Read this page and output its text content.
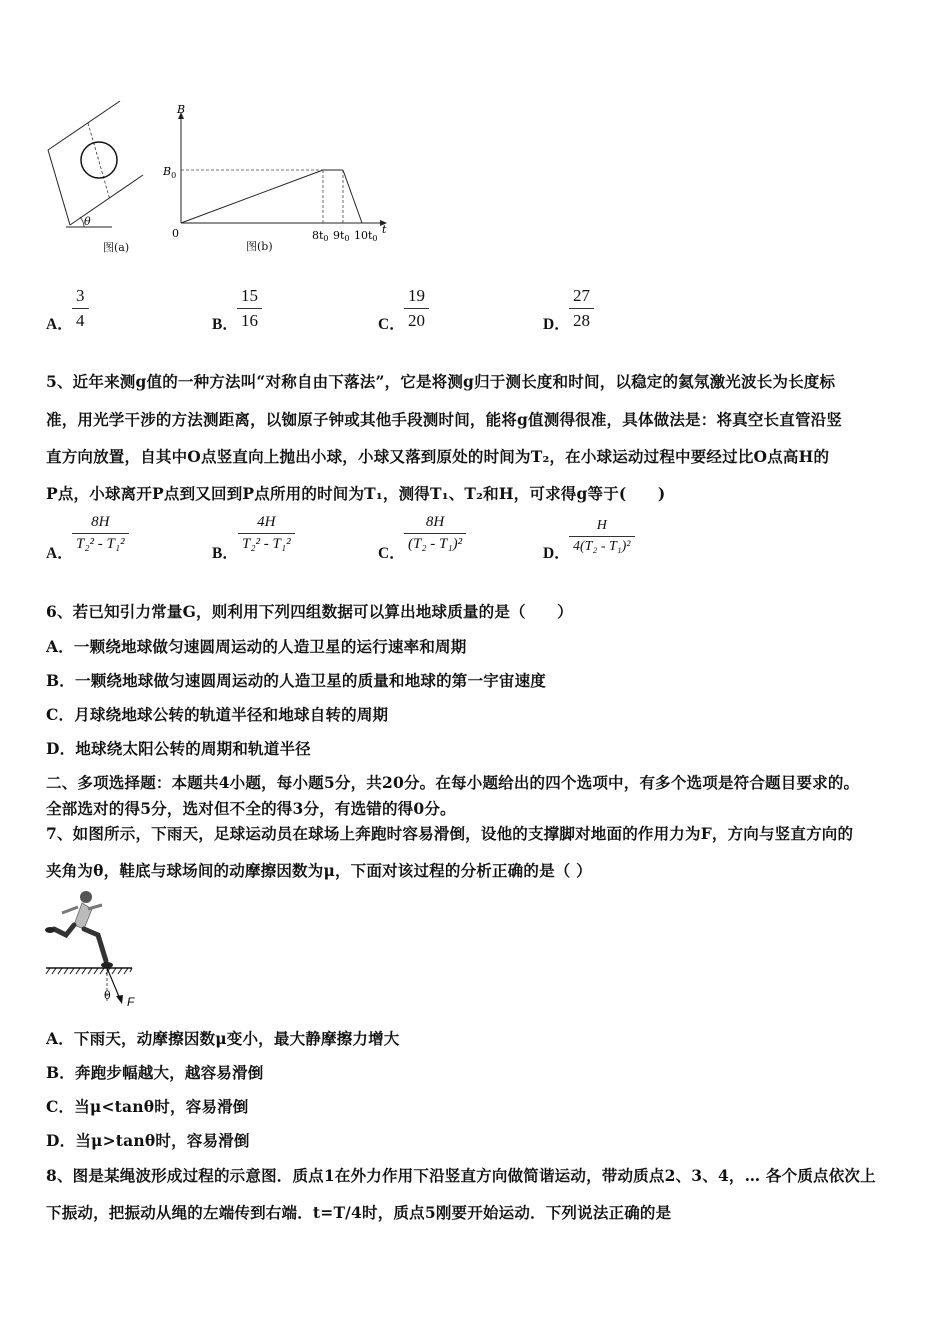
θ
图(a)
B
t
$B_0$
0	8t0 9t0 10t0
图(b)
A． $\frac{3}{4}$	B． $\frac{15}{16}$	C． $\frac{19}{20}$	D． $\frac{27}{28}$
5、近年来测g值的一种方法叫“对称自由下落法”，它是将测g归于测长度和时间，以稳定的氦氖激光波长为长度标
准，用光学干涉的方法测距离，以铷原子钟或其他手段测时间，能将g值测得很准，具体做法是：将真空长直管沿竖
直方向放置，自其中O点竖直向上抛出小球，小球又落到原处的时间为T₂，在小球运动过程中要经过比O点高H的
P点，小球离开P点到又回到P点所用的时间为T₁，测得T₁、T₂和H，可求得g等于(　　)
A．
$\frac{8H}{\text{T₂² - T₁²}}$
B．
$\frac{4H}{\text{T₂² - T₁²}}$
C．
$\frac{8H}{\text{(T₂ - T₁)²}}$
D． $\frac{H}{\text{4(T₂ - T₁)²}}$
6、若已知引力常量G，则利用下列四组数据可以算出地球质量的是（　　）
A．一颗绕地球做匀速圆周运动的人造卫星的运行速率和周期
B．一颗绕地球做匀速圆周运动的人造卫星的质量和地球的第一宇宙速度
C．月球绕地球公转的轨道半径和地球自转的周期
D．地球绕太阳公转的周期和轨道半径
二、多项选择题：本题共4小题，每小题5分，共20分。在每小题给出的四个选项中，有多个选项是符合题目要求的。
全部选对的得5分，选对但不全的得3分，有选错的得0分。
7、如图所示，下雨天，足球运动员在球场上奔跑时容易滑倒，设他的支撑脚对地面的作用力为F，方向与竖直方向的
夹角为θ，鞋底与球场间的动摩擦因数为μ，下面对该过程的分析正确的是（ ）
θ F
A．下雨天，动摩擦因数μ变小，最大静摩擦力增大
B．奔跑步幅越大，越容易滑倒
C．当μ<tanθ时，容易滑倒
D．当μ>tanθ时，容易滑倒
8、图是某绳波形成过程的示意图．质点1在外力作用下沿竖直方向做简谐运动，带动质点2、3、4，… 各个质点依次上
下振动，把振动从绳的左端传到右端．t=T/4时，质点5刚要开始运动．下列说法正确的是
